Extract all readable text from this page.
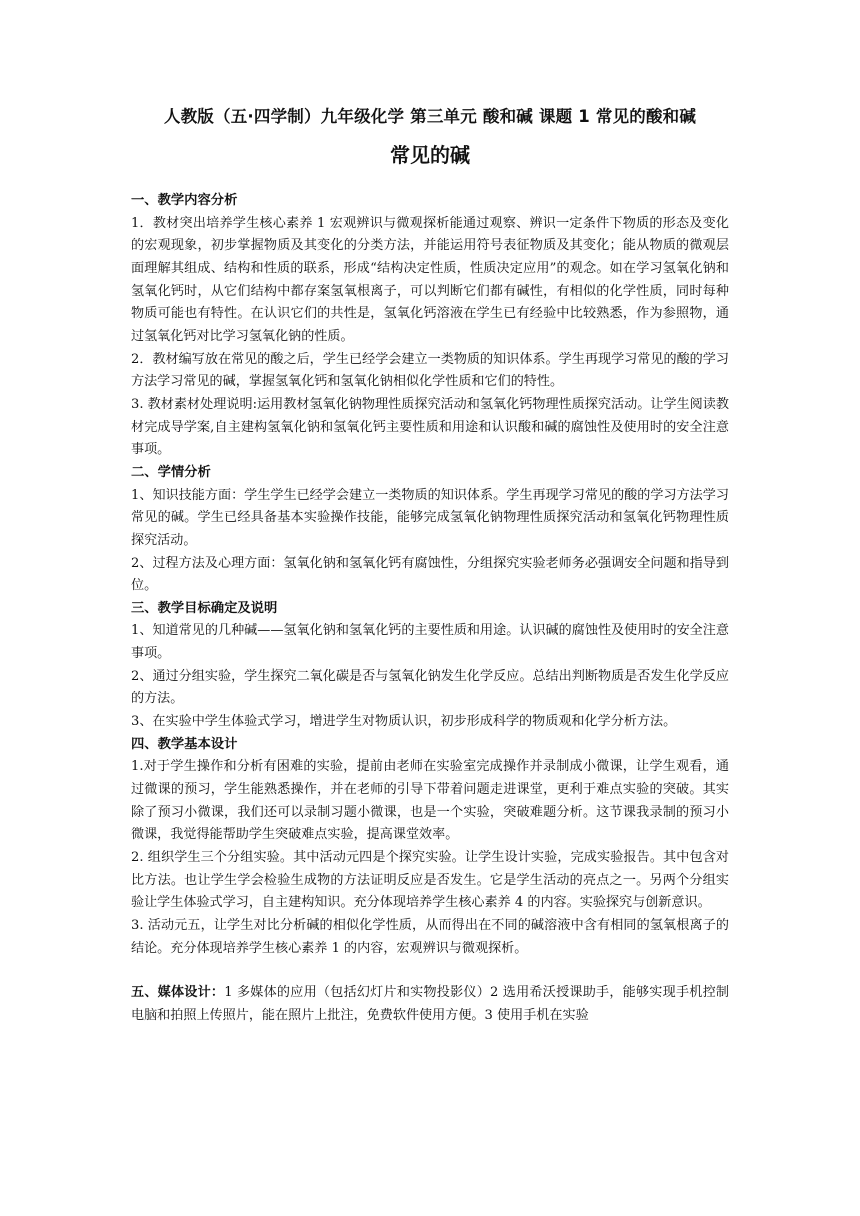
人教版（五·四学制）九年级化学 第三单元 酸和碱 课题 1 常见的酸和碱
常见的碱

一、教学内容分析

1．教材突出培养学生核心素养 1 宏观辨识与微观探析能通过观察、辨识一定条件下物质的形态及变化的宏观现象，初步掌握物质及其变化的分类方法，并能运用符号表征物质及其变化；能从物质的微观层面理解其组成、结构和性质的联系，形成“结构决定性质，性质决定应用”的观念。如在学习氢氧化钠和氢氧化钙时，从它们结构中都存案氢氧根离子，可以判断它们都有碱性，有相似的化学性质，同时每种物质可能也有特性。在认识它们的共性是，氢氧化钙溶液在学生已有经验中比较熟悉，作为参照物，通过氢氧化钙对比学习氢氧化钠的性质。

2．教材编写放在常见的酸之后，学生已经学会建立一类物质的知识体系。学生再现学习常见的酸的学习方法学习常见的碱，掌握氢氧化钙和氢氧化钠相似化学性质和它们的特性。

3. 教材素材处理说明:运用教材氢氧化钠物理性质探究活动和氢氧化钙物理性质探究活动。让学生阅读教材完成导学案,自主建构氢氧化钠和氢氧化钙主要性质和用途和认识酸和碱的腐蚀性及使用时的安全注意事项。

二、学情分析

1、知识技能方面：学生学生已经学会建立一类物质的知识体系。学生再现学习常见的酸的学习方法学习常见的碱。学生已经具备基本实验操作技能，能够完成氢氧化钠物理性质探究活动和氢氧化钙物理性质探究活动。

2、过程方法及心理方面：氢氧化钠和氢氧化钙有腐蚀性，分组探究实验老师务必强调安全问题和指导到位。

三、教学目标确定及说明

1、知道常见的几种碱——氢氧化钠和氢氧化钙的主要性质和用途。认识碱的腐蚀性及使用时的安全注意事项。

2、通过分组实验，学生探究二氧化碳是否与氢氧化钠发生化学反应。总结出判断物质是否发生化学反应的方法。

3、在实验中学生体验式学习，增进学生对物质认识，初步形成科学的物质观和化学分析方法。

四、教学基本设计

1.对于学生操作和分析有困难的实验，提前由老师在实验室完成操作并录制成小微课，让学生观看，通过微课的预习，学生能熟悉操作，并在老师的引导下带着问题走进课堂，更利于难点实验的突破。其实除了预习小微课，我们还可以录制习题小微课，也是一个实验，突破难题分析。这节课我录制的预习小微课，我觉得能帮助学生突破难点实验，提高课堂效率。

2. 组织学生三个分组实验。其中活动元四是个探究实验。让学生设计实验，完成实验报告。其中包含对比方法。也让学生学会检验生成物的方法证明反应是否发生。它是学生活动的亮点之一。另两个分组实验让学生体验式学习，自主建构知识。充分体现培养学生核心素养 4 的内容。实验探究与创新意识。

3. 活动元五，让学生对比分析碱的相似化学性质，从而得出在不同的碱溶液中含有相同的氢氧根离子的结论。充分体现培养学生核心素养 1 的内容，宏观辨识与微观探析。

五、媒体设计：1 多媒体的应用（包括幻灯片和实物投影仪）2 选用希沃授课助手，能够实现手机控制电脑和拍照上传照片，能在照片上批注，免费软件使用方便。3 使用手机在实验
